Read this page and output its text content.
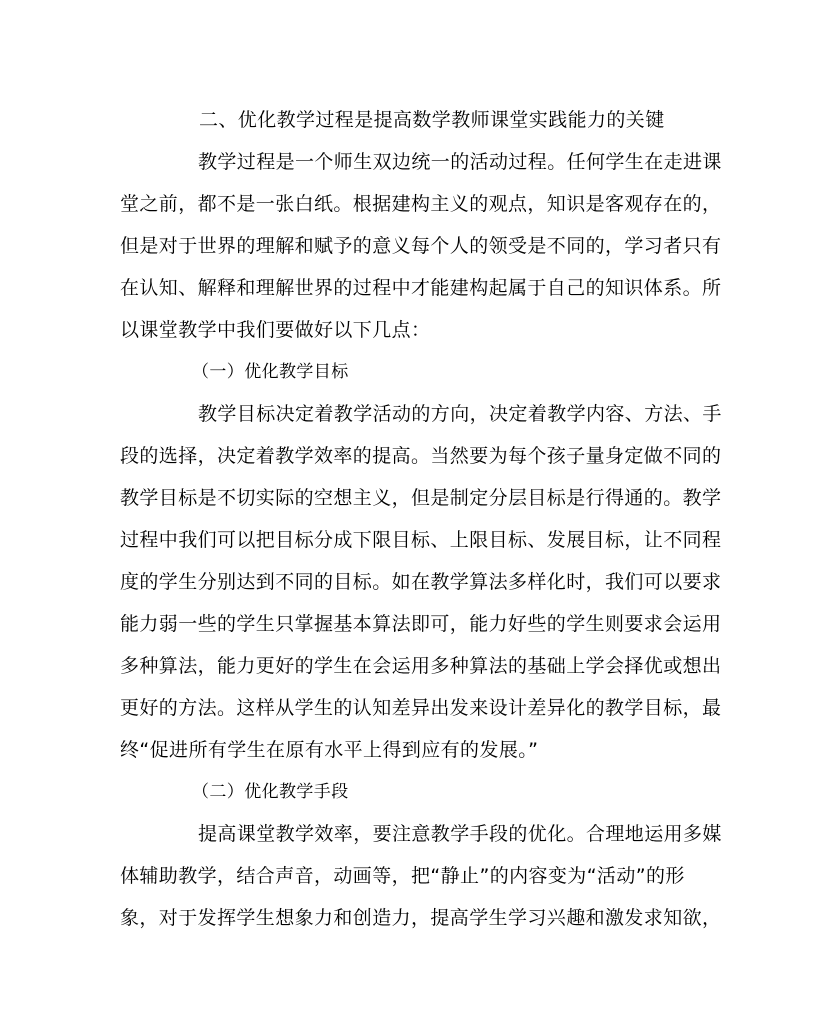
二、优化教学过程是提高数学教师课堂实践能力的关键
教学过程是一个师生双边统一的活动过程。任何学生在走进课
堂之前，都不是一张白纸。根据建构主义的观点，知识是客观存在的，
但是对于世界的理解和赋予的意义每个人的领受是不同的，学习者只有
在认知、解释和理解世界的过程中才能建构起属于自己的知识体系。所
以课堂教学中我们要做好以下几点：
（一）优化教学目标
教学目标决定着教学活动的方向，决定着教学内容、方法、手
段的选择，决定着教学效率的提高。当然要为每个孩子量身定做不同的
教学目标是不切实际的空想主义，但是制定分层目标是行得通的。教学
过程中我们可以把目标分成下限目标、上限目标、发展目标，让不同程
度的学生分别达到不同的目标。如在教学算法多样化时，我们可以要求
能力弱一些的学生只掌握基本算法即可，能力好些的学生则要求会运用
多种算法，能力更好的学生在会运用多种算法的基础上学会择优或想出
更好的方法。这样从学生的认知差异出发来设计差异化的教学目标，最
终“促进所有学生在原有水平上得到应有的发展。”
（二）优化教学手段
提高课堂教学效率，要注意教学手段的优化。合理地运用多媒
体辅助教学，结合声音，动画等，把“静止”的内容变为“活动”的形
象，对于发挥学生想象力和创造力，提高学生学习兴趣和激发求知欲，
